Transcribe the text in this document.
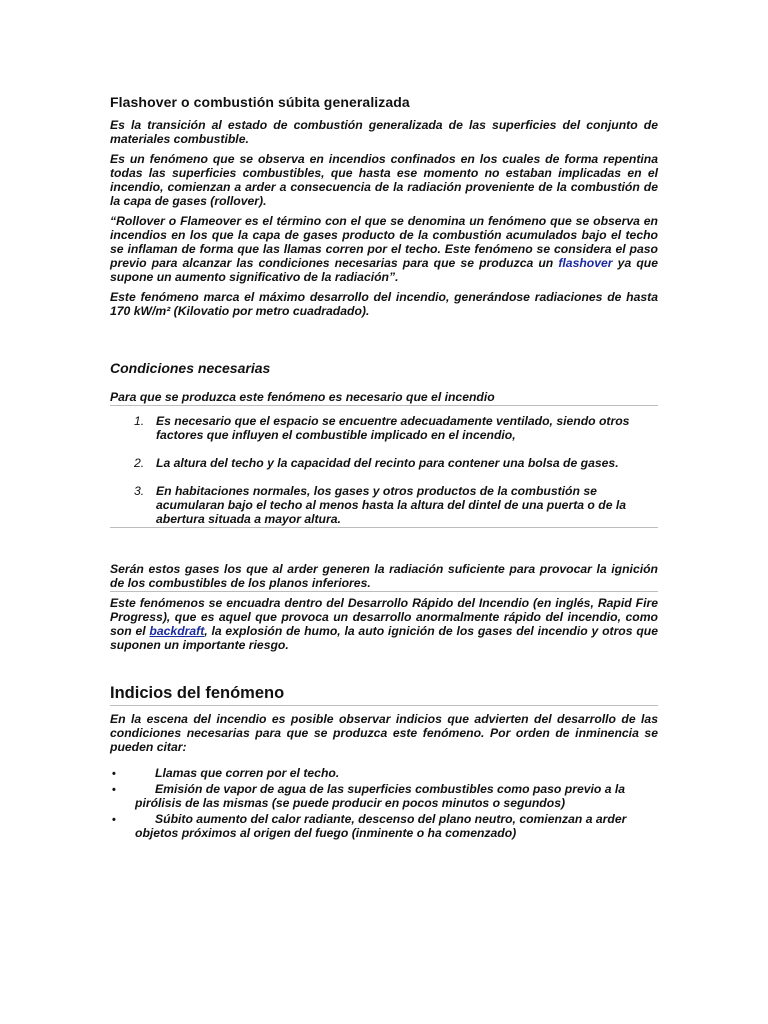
Flashover o combustión súbita generalizada

Es la transición al estado de combustión generalizada de las superficies del conjunto de materiales combustible.

Es un fenómeno que se observa en incendios confinados en los cuales de forma repentina todas las superficies combustibles, que hasta ese momento no estaban implicadas en el incendio, comienzan a arder a consecuencia de la radiación proveniente de la combustión de la capa de gases (rollover).

“Rollover o Flameover es el término con el que se denomina un fenómeno que se observa en incendios en los que la capa de gases producto de la combustión acumulados bajo el techo se inflaman de forma que las llamas corren por el techo. Este fenómeno se considera el paso previo para alcanzar las condiciones necesarias para que se produzca un flashover ya que supone un aumento significativo de la radiación”.

Este fenómeno marca el máximo desarrollo del incendio, generándose radiaciones de hasta 170 kW/m² (Kilovatio por metro cuadradado).

Condiciones necesarias
Para que se produzca este fenómeno es necesario que el incendio
1. Es necesario que el espacio se encuentre adecuadamente ventilado, siendo otros factores que influyen el combustible implicado en el incendio,
2. La altura del techo y la capacidad del recinto para contener una bolsa de gases.
3. En habitaciones normales, los gases y otros productos de la combustión se acumularan bajo el techo al menos hasta la altura del dintel de una puerta o de la abertura situada a mayor altura.

Serán estos gases los que al arder generen la radiación suficiente para provocar la ignición de los combustibles de los planos inferiores.

Este fenómenos se encuadra dentro del Desarrollo Rápido del Incendio (en inglés, Rapid Fire Progress), que es aquel que provoca un desarrollo anormalmente rápido del incendio, como son el backdraft, la explosión de humo, la auto ignición de los gases del incendio y otros que suponen un importante riesgo.

Indicios del fenómeno

En la escena del incendio es posible observar indicios que advierten del desarrollo de las condiciones necesarias para que se produzca este fenómeno. Por orden de inminencia se pueden citar:

•	Llamas que corren por el techo.
•	Emisión de vapor de agua de las superficies combustibles como paso previo a la pirólisis de las mismas (se puede producir en pocos minutos o segundos)
•	Súbito aumento del calor radiante, descenso del plano neutro, comienzan a arder objetos próximos al origen del fuego (inminente o ha comenzado)
